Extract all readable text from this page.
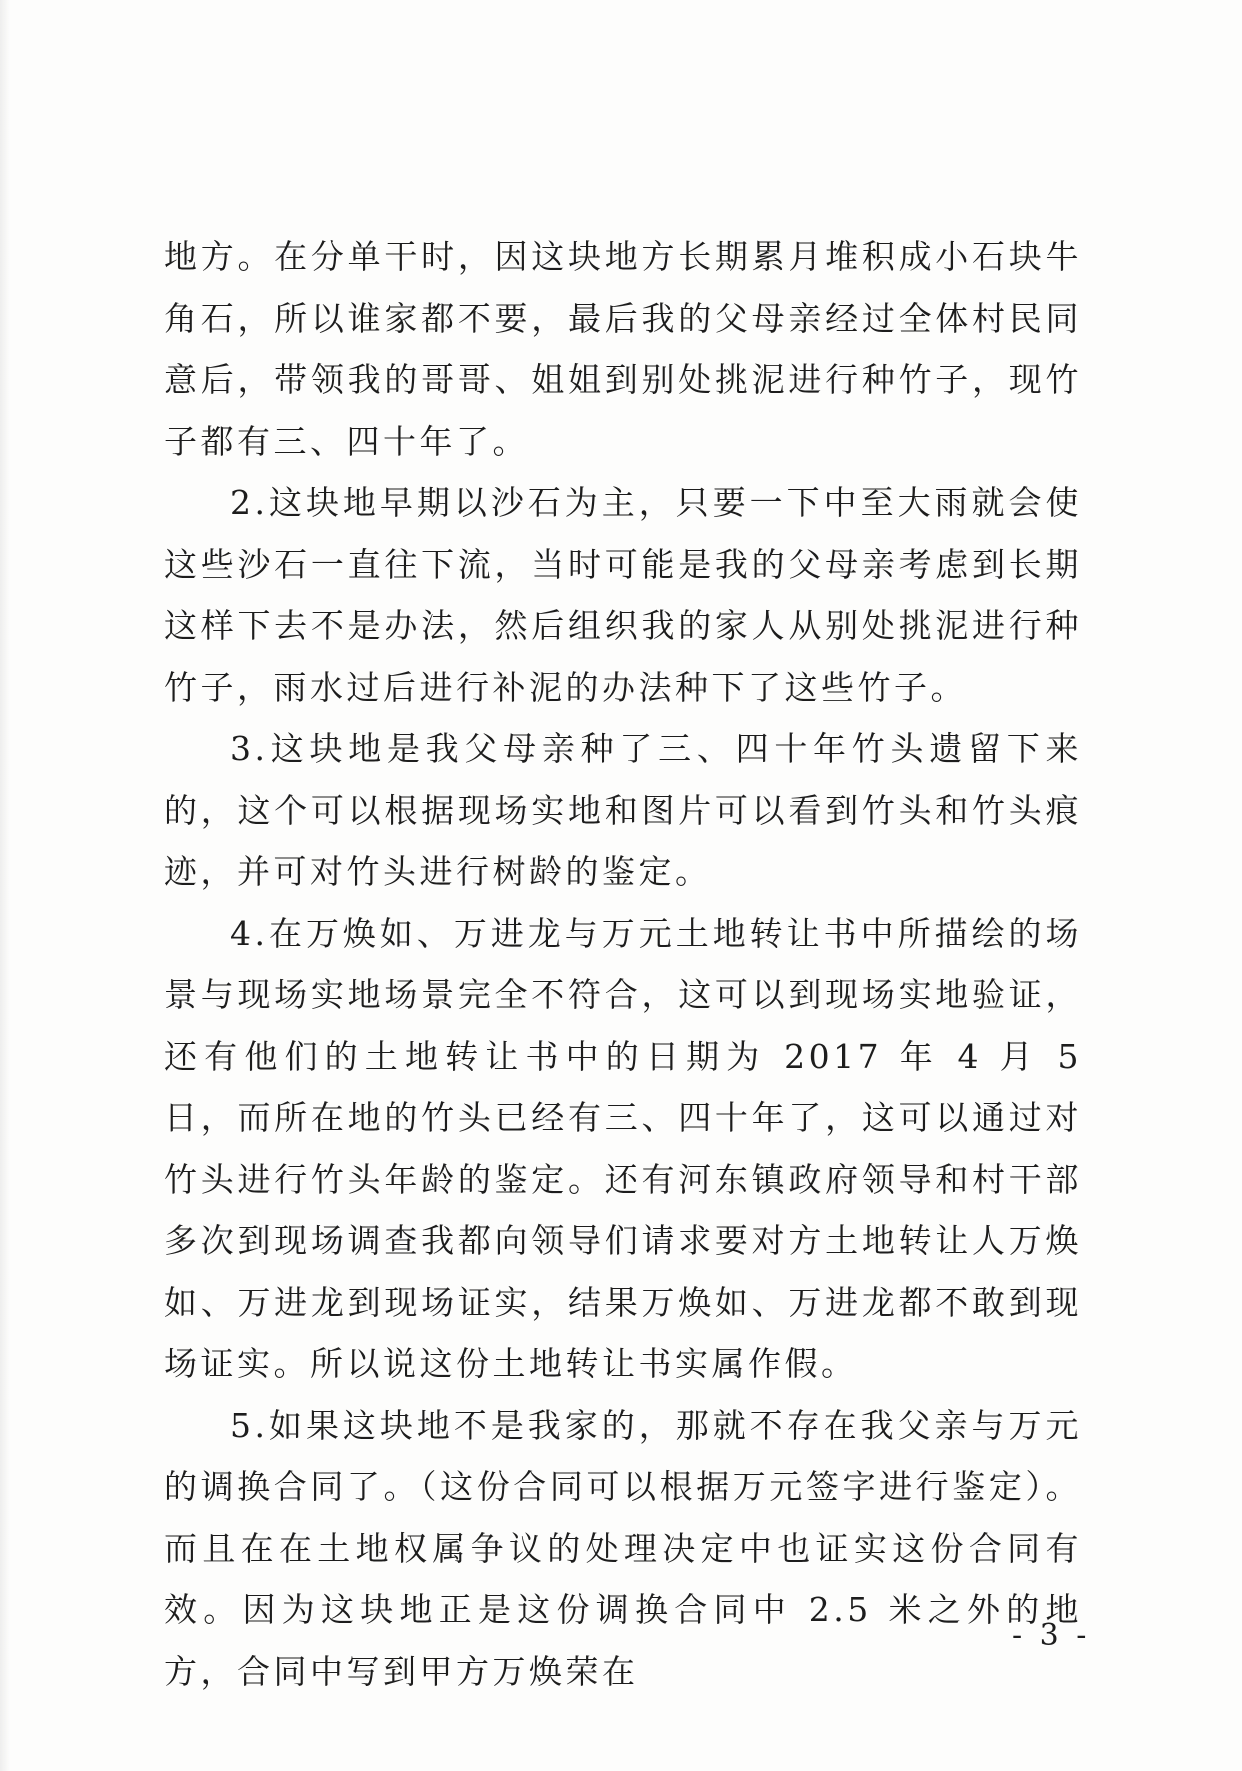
地方。在分单干时，因这块地方长期累月堆积成小石块牛角石，所以谁家都不要，最后我的父母亲经过全体村民同意后，带领我的哥哥、姐姐到别处挑泥进行种竹子，现竹子都有三、四十年了。

2.这块地早期以沙石为主，只要一下中至大雨就会使这些沙石一直往下流，当时可能是我的父母亲考虑到长期这样下去不是办法，然后组织我的家人从别处挑泥进行种竹子，雨水过后进行补泥的办法种下了这些竹子。

3.这块地是我父母亲种了三、四十年竹头遗留下来的，这个可以根据现场实地和图片可以看到竹头和竹头痕迹，并可对竹头进行树龄的鉴定。

4.在万焕如、万进龙与万元土地转让书中所描绘的场景与现场实地场景完全不符合，这可以到现场实地验证，还有他们的土地转让书中的日期为 2017 年 4 月 5 日，而所在地的竹头已经有三、四十年了，这可以通过对竹头进行竹头年龄的鉴定。还有河东镇政府领导和村干部多次到现场调查我都向领导们请求要对方土地转让人万焕如、万进龙到现场证实，结果万焕如、万进龙都不敢到现场证实。所以说这份土地转让书实属作假。

5.如果这块地不是我家的，那就不存在我父亲与万元的调换合同了。（这份合同可以根据万元签字进行鉴定）。而且在在土地权属争议的处理决定中也证实这份合同有效。因为这块地正是这份调换合同中 2.5 米之外的地方，合同中写到甲方万焕荣在

- 3 -
